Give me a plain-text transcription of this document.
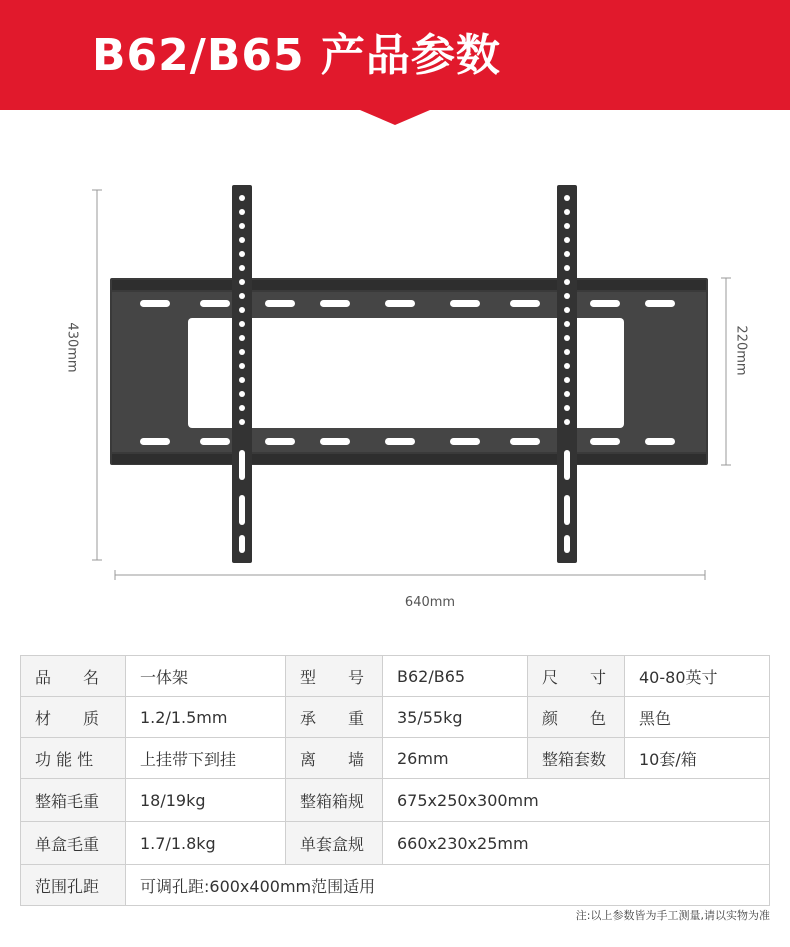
B62/B65 产品参数
640mm
430mm	220mm
品　　名	一体架	型　　号	B62/B65	尺　　寸	40-80英寸
材　　质	1.2/1.5mm	承　　重	35/55kg	颜　　色	黑色
功 能 性	上挂带下到挂	离　　墙	26mm	整箱套数	10套/箱
整箱毛重	18/19kg	整箱箱规	675x250x300mm		
单盒毛重	1.7/1.8kg	单套盒规	660x230x25mm		
范围孔距	可调孔距:600x400mm范围适用				
注:以上参数皆为手工测量,请以实物为准
